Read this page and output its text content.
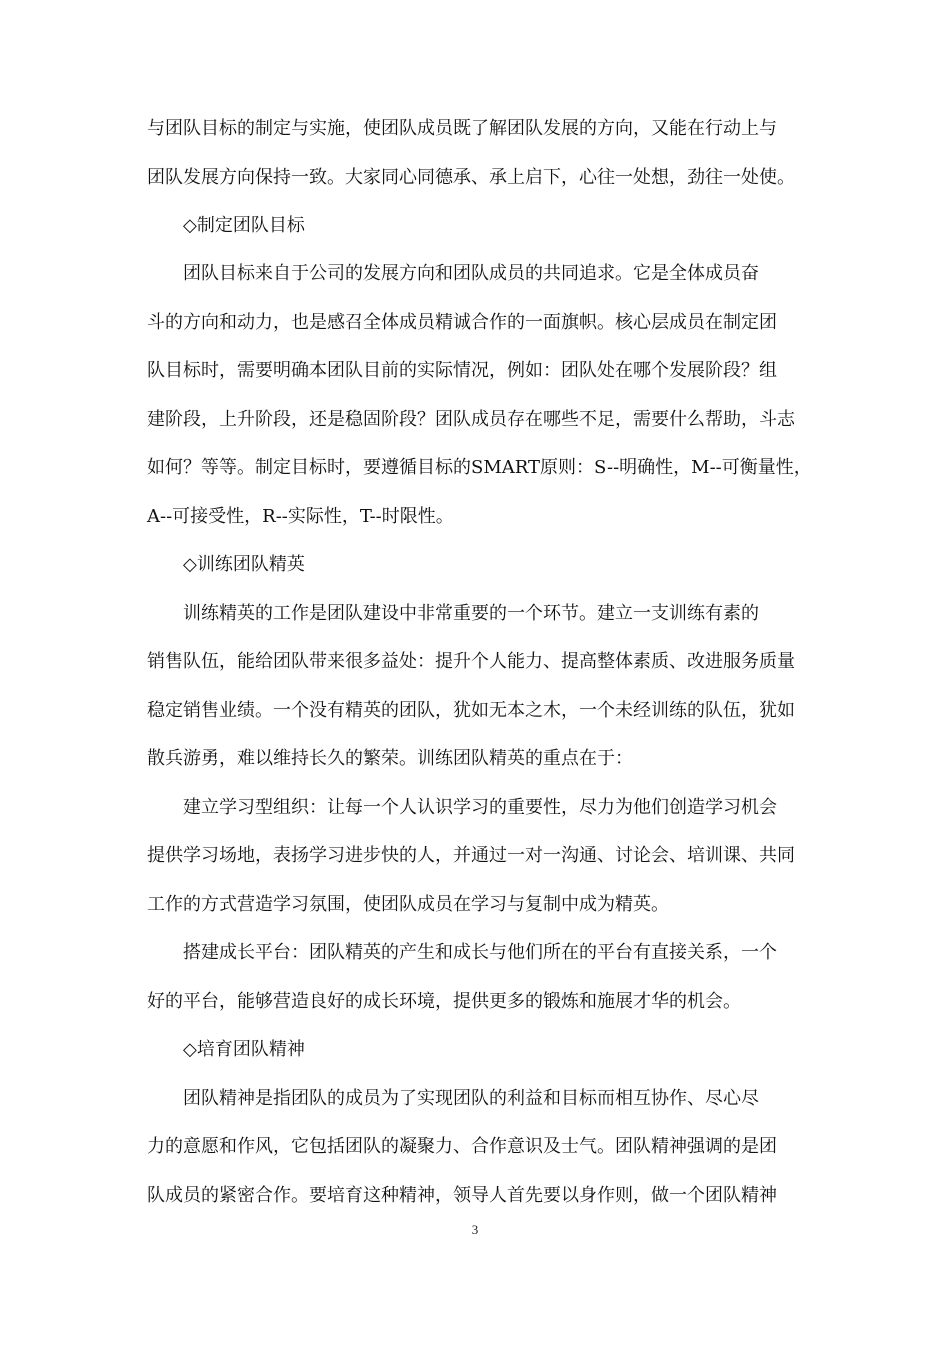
与团队目标的制定与实施，使团队成员既了解团队发展的方向，又能在行动上与
团队发展方向保持一致。大家同心同德承、承上启下，心往一处想，劲往一处使。
◇制定团队目标
团队目标来自于公司的发展方向和团队成员的共同追求。它是全体成员奋
斗的方向和动力，也是感召全体成员精诚合作的一面旗帜。核心层成员在制定团
队目标时，需要明确本团队目前的实际情况，例如：团队处在哪个发展阶段？组
建阶段，上升阶段，还是稳固阶段？团队成员存在哪些不足，需要什么帮助，斗志
如何？等等。制定目标时，要遵循目标的SMART原则：S--明确性，M--可衡量性，
A--可接受性，R--实际性，T--时限性。
◇训练团队精英
训练精英的工作是团队建设中非常重要的一个环节。建立一支训练有素的
销售队伍，能给团队带来很多益处：提升个人能力、提高整体素质、改进服务质量
稳定销售业绩。一个没有精英的团队，犹如无本之木，一个未经训练的队伍，犹如
散兵游勇，难以维持长久的繁荣。训练团队精英的重点在于：
建立学习型组织：让每一个人认识学习的重要性，尽力为他们创造学习机会
提供学习场地，表扬学习进步快的人，并通过一对一沟通、讨论会、培训课、共同
工作的方式营造学习氛围，使团队成员在学习与复制中成为精英。
搭建成长平台：团队精英的产生和成长与他们所在的平台有直接关系，一个
好的平台，能够营造良好的成长环境，提供更多的锻炼和施展才华的机会。
◇培育团队精神
团队精神是指团队的成员为了实现团队的利益和目标而相互协作、尽心尽
力的意愿和作风，它包括团队的凝聚力、合作意识及士气。团队精神强调的是团
队成员的紧密合作。要培育这种精神，领导人首先要以身作则，做一个团队精神
3
